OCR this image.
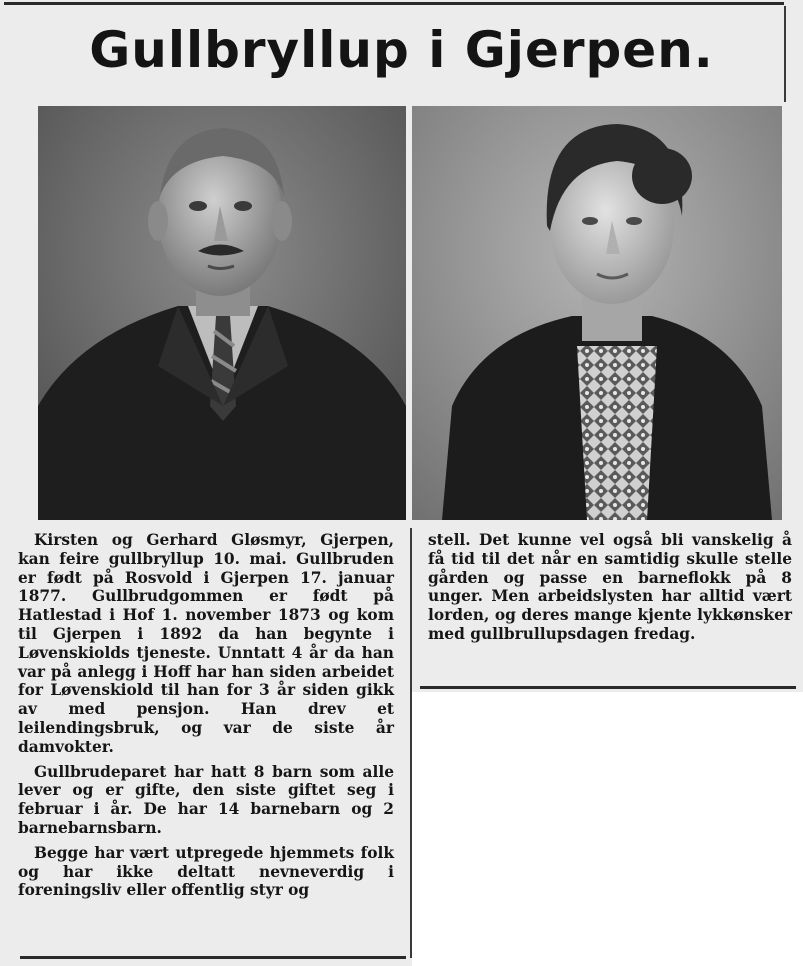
Gullbryllup i Gjerpen.

Kirsten og Gerhard Gløsmyr, Gjerpen, kan feire gullbryllup 10. mai. Gullbruden er født på Rosvold i Gjerpen 17. januar 1877. Gullbrudgommen er født på Hatlestad i Hof 1. november 1873 og kom til Gjerpen i 1892 da han begynte i Løvenskiolds tjeneste. Unntatt 4 år da han var på anlegg i Hoff har han siden arbeidet for Løvenskiold til han for 3 år siden gikk av med pensjon. Han drev et leilendingsbruk, og var de siste år damvokter.

Gullbrudeparet har hatt 8 barn som alle lever og er gifte, den siste giftet seg i februar i år. De har 14 barnebarn og 2 barnebarnsbarn.

Begge har vært utpregede hjemmets folk og har ikke deltatt nevneverdig i foreningsliv eller offentlig styr og

stell. Det kunne vel også bli vanskelig å få tid til det når en samtidig skulle stelle gården og passe en barneflokk på 8 unger. Men arbeidslysten har alltid vært lorden, og deres mange kjente lykkønsker med gullbrullupsdagen fredag.
